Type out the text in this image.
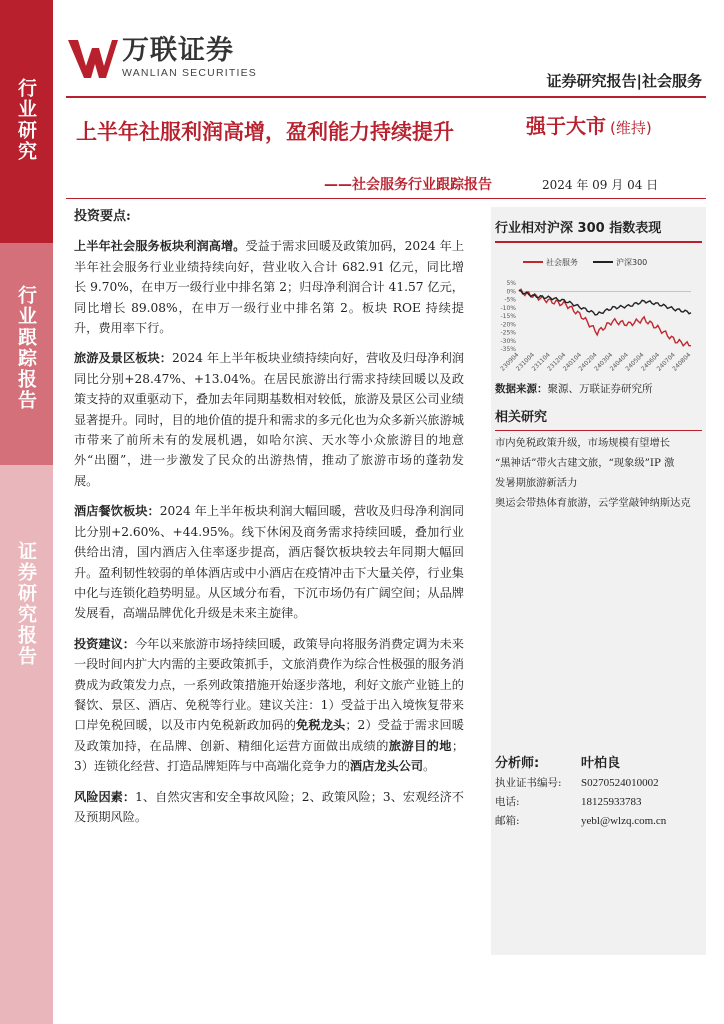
行业研究
行业跟踪报告
证券研究报告
万联证券
WANLIAN SECURITIES	证券研究报告|社会服务
上半年社服利润高增，盈利能力持续提升
——社会服务行业跟踪报告
强于大市 (维持)
2024 年 09 月 04 日
投资要点:

上半年社会服务板块利润高增。受益于需求回暖及政策加码，2024 年上半年社会服务行业业绩持续向好，营业收入合计 682.91 亿元，同比增长 9.70%，在申万一级行业中排名第 2；归母净利润合计 41.57 亿元，同比增长 89.08%，在申万一级行业中排名第 2。板块 ROE 持续提升，费用率下行。

旅游及景区板块：2024 年上半年板块业绩持续向好，营收及归母净利润同比分别+28.47%、+13.04%。在居民旅游出行需求持续回暖以及政策支持的双重驱动下，叠加去年同期基数相对较低，旅游及景区公司业绩显著提升。同时，目的地价值的提升和需求的多元化也为众多新兴旅游城市带来了前所未有的发展机遇，如哈尔滨、天水等小众旅游目的地意外“出圈”，进一步激发了民众的出游热情，推动了旅游市场的蓬勃发展。

酒店餐饮板块：2024 年上半年板块利润大幅回暖，营收及归母净利润同比分别+2.60%、+44.95%。线下休闲及商务需求持续回暖，叠加行业供给出清，国内酒店入住率逐步提高，酒店餐饮板块较去年同期大幅回升。盈利韧性较弱的单体酒店或中小酒店在疫情冲击下大量关停，行业集中化与连锁化趋势明显。从区域分布看，下沉市场仍有广阔空间；从品牌发展看，高端品牌优化升级是未来主旋律。

投资建议：今年以来旅游市场持续回暖，政策导向将服务消费定调为未来一段时间内扩大内需的主要政策抓手，文旅消费作为综合性极强的服务消费成为政策发力点，一系列政策措施开始逐步落地，利好文旅产业链上的餐饮、景区、酒店、免税等行业。建议关注：1）受益于出入境恢复带来口岸免税回暖，以及市内免税新政加码的免税龙头；2）受益于需求回暖及政策加持，在品牌、创新、精细化运营方面做出成绩的旅游目的地；3）连锁化经营、打造品牌矩阵与中高端化竞争力的酒店龙头公司。

风险因素：1、自然灾害和安全事故风险；2、政策风险；3、宏观经济不及预期风险。

行业相对沪深 300 指数表现
社会服务	沪深300
5%
0%
-5%
-10%
-15%
-20%
-25%
-30%
-35%
230904
231004
231104
231204
240104
240204
240304
240404
240504
240604
240704
240804
数据来源：聚源、万联证券研究所
相关研究
市内免税政策升级，市场规模有望增长
“黑神话”带火古建文旅，“现象级”IP 激
发暑期旅游新活力
奥运会带热体育旅游，云学堂敲钟纳斯达克
分析师:	叶柏良
执业证书编号:	S0270524010002
电话:	18125933783
邮箱:	yebl@wlzq.com.cn
